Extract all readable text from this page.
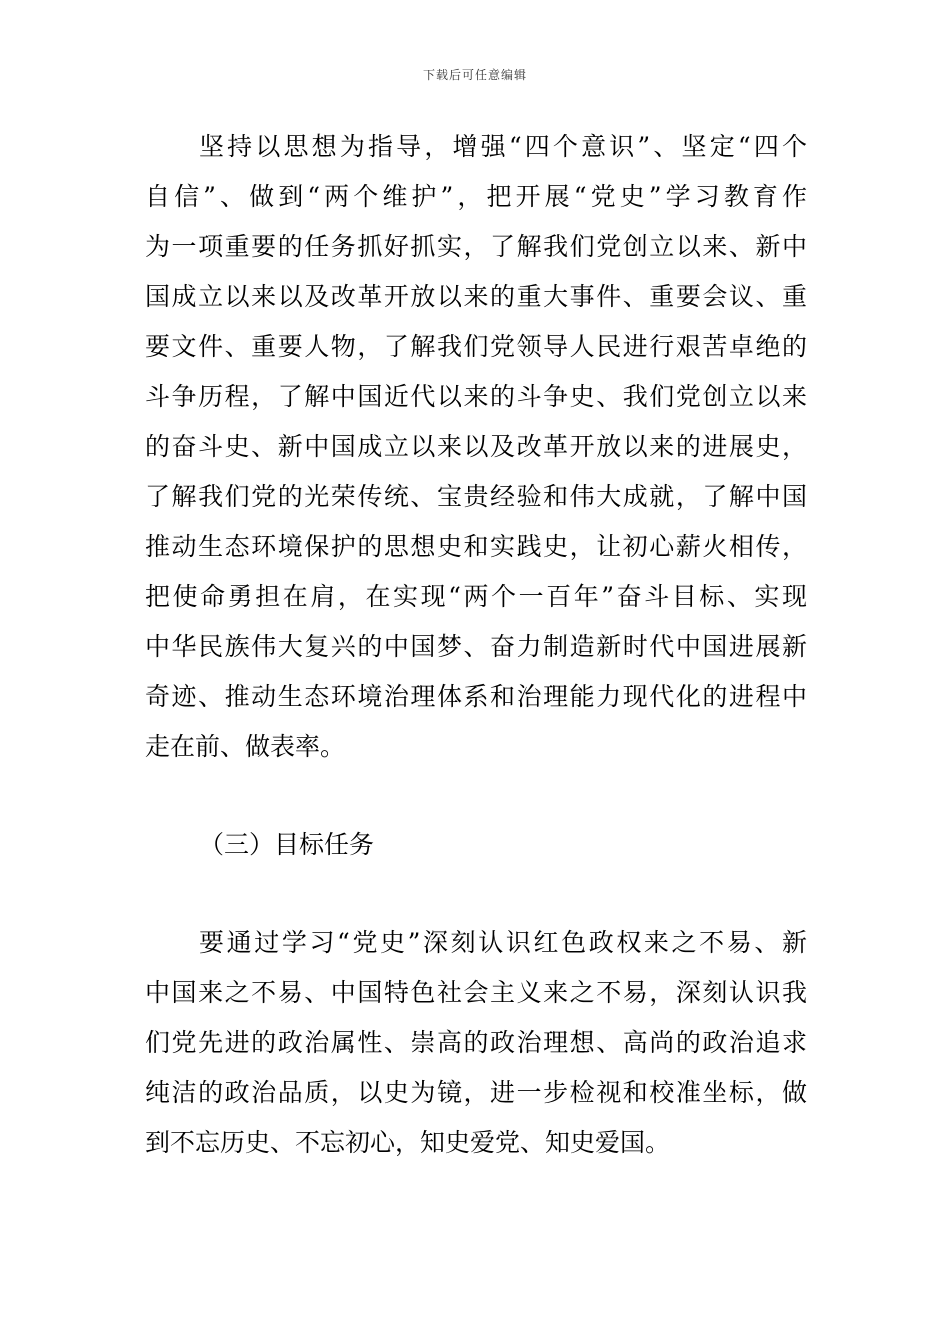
下载后可任意编辑
坚持以思想为指导，增强“四个意识”、坚定“四个
自信”、做到“两个维护”，把开展“党史”学习教育作
为一项重要的任务抓好抓实，了解我们党创立以来、新中
国成立以来以及改革开放以来的重大事件、重要会议、重
要文件、重要人物，了解我们党领导人民进行艰苦卓绝的
斗争历程，了解中国近代以来的斗争史、我们党创立以来
的奋斗史、新中国成立以来以及改革开放以来的进展史，
了解我们党的光荣传统、宝贵经验和伟大成就，了解中国
推动生态环境保护的思想史和实践史，让初心薪火相传，
把使命勇担在肩，在实现“两个一百年”奋斗目标、实现
中华民族伟大复兴的中国梦、奋力制造新时代中国进展新
奇迹、推动生态环境治理体系和治理能力现代化的进程中
走在前、做表率。
（三）目标任务
要通过学习“党史”深刻认识红色政权来之不易、新
中国来之不易、中国特色社会主义来之不易，深刻认识我
们党先进的政治属性、崇高的政治理想、高尚的政治追求
纯洁的政治品质，以史为镜，进一步检视和校准坐标，做
到不忘历史、不忘初心，知史爱党、知史爱国。
